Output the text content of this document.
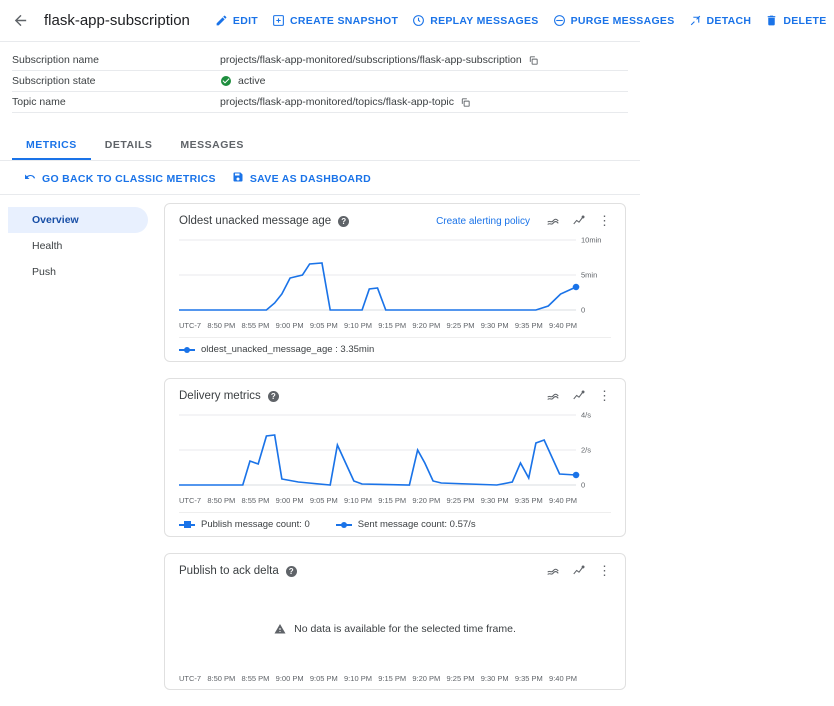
flask-app-subscription	EDIT	CREATE SNAPSHOT	REPLAY MESSAGES	PURGE MESSAGES	DETACH	DELETE
Subscription name	projects/flask-app-monitored/subscriptions/flask-app-subscription
Subscription state	active
Topic name	projects/flask-app-monitored/topics/flask-app-topic
METRICS	DETAILS	MESSAGES
GO BACK TO CLASSIC METRICS	SAVE AS DASHBOARD
Overview
Health
Push
Oldest unacked message age	?	Create alerting policy	⋮
10min
5min
0
UTC-7 8:50 PM 8:55 PM 9:00 PM 9:05 PM 9:10 PM 9:15 PM 9:20 PM 9:25 PM 9:30 PM 9:35 PM 9:40 PM
oldest_unacked_message_age : 3.35min
Delivery metrics	?	⋮
4/s
2/s
0
UTC-7 8:50 PM 8:55 PM 9:00 PM 9:05 PM 9:10 PM 9:15 PM 9:20 PM 9:25 PM 9:30 PM 9:35 PM 9:40 PM
Publish message count: 0	Sent message count: 0.57/s
Publish to ack delta	?	⋮
No data is available for the selected time frame.
UTC-7 8:50 PM 8:55 PM 9:00 PM 9:05 PM 9:10 PM 9:15 PM 9:20 PM 9:25 PM 9:30 PM 9:35 PM 9:40 PM
